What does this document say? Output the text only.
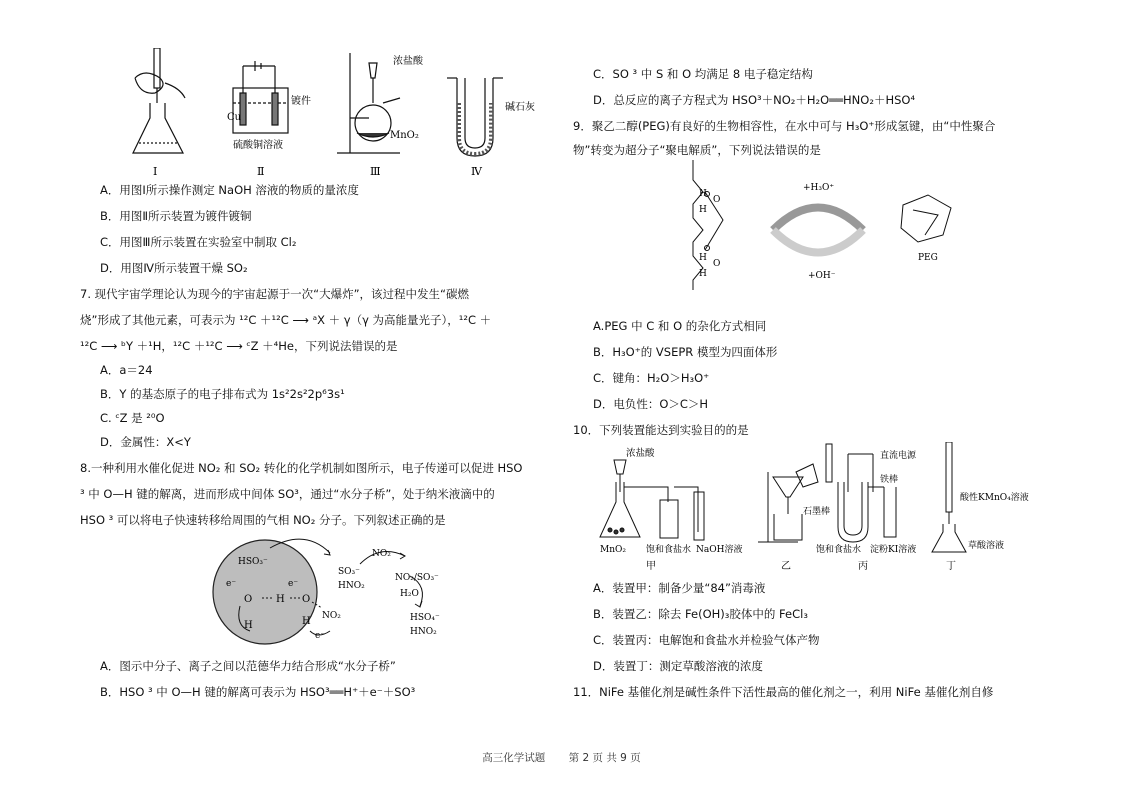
Cu
镀件
硫酸铜溶液
浓盐酸
MnO₂
碱石灰
Ⅰ	Ⅱ	Ⅲ	Ⅳ
A．用图Ⅰ所示操作测定 NaOH 溶液的物质的量浓度
B．用图Ⅱ所示装置为镀件镀铜
C．用图Ⅲ所示装置在实验室中制取 Cl₂
D．用图Ⅳ所示装置干燥 SO₂
7. 现代宇宙学理论认为现今的宇宙起源于一次“大爆炸”，该过程中发生“碳燃
烧”形成了其他元素，可表示为 ¹²C ＋¹²C ⟶ ᵃX ＋ γ（γ 为高能量光子），¹²C ＋
¹²C ⟶ ᵇY ＋¹H，¹²C ＋¹²C ⟶ ᶜZ ＋⁴He，下列说法错误的是
A．a＝24
B．Y 的基态原子的电子排布式为 1s²2s²2p⁶3s¹
C. ᶜZ 是 ²⁰O
D．金属性：X<Y
8.一种利用水催化促进 NO₂ 和 SO₂ 转化的化学机制如图所示，电子传递可以促进 HSO
³ 中 O—H 键的解离，进而形成中间体 SO³，通过“水分子桥”，处于纳米液滴中的
HSO ³ 可以将电子快速转移给周围的气相 NO₂ 分子。下列叙述正确的是
HSO₃⁻
e⁻
O
H
H O
H
e⁻
NO₂
e⁻
SO₃⁻
HNO₂
NO₂
NO₂/SO₃⁻
H₂O
HSO₄⁻
HNO₂
A．图示中分子、离子之间以范德华力结合形成“水分子桥”
B．HSO ³ 中 O—H 键的解离可表示为 HSO³══H⁺＋e⁻＋SO³
C．SO ³ 中 S 和 O 均满足 8 电子稳定结构
D．总反应的离子方程式为 HSO³＋NO₂＋H₂O══HNO₂＋HSO⁴
9．聚乙二醇(PEG)有良好的生物相容性，在水中可与 H₃O⁺形成氢键，由“中性聚合
物”转变为超分子“聚电解质”，下列说法错误的是
H
O
H
H
O
H
+H₃O⁺
+OH⁻
PEG
A.PEG 中 C 和 O 的杂化方式相同
B．H₃O⁺的 VSEPR 模型为四面体形
C．键角：H₂O＞H₃O⁺
D．电负性：O＞C＞H
10．下列装置能达到实验目的的是
浓盐酸
MnO₂ 饱和食盐水 NaOH溶液
直流电源
铁棒
石墨棒
饱和食盐水 淀粉KI溶液
酸性KMnO₄溶液
草酸溶液
甲	乙	丙	丁
A．装置甲：制备少量“84”消毒液
B．装置乙：除去 Fe(OH)₃胶体中的 FeCl₃
C．装置丙：电解饱和食盐水并检验气体产物
D．装置丁：测定草酸溶液的浓度
11．NiFe 基催化剂是碱性条件下活性最高的催化剂之一，利用 NiFe 基催化剂自修
高三化学试题 第 2 页 共 9 页
